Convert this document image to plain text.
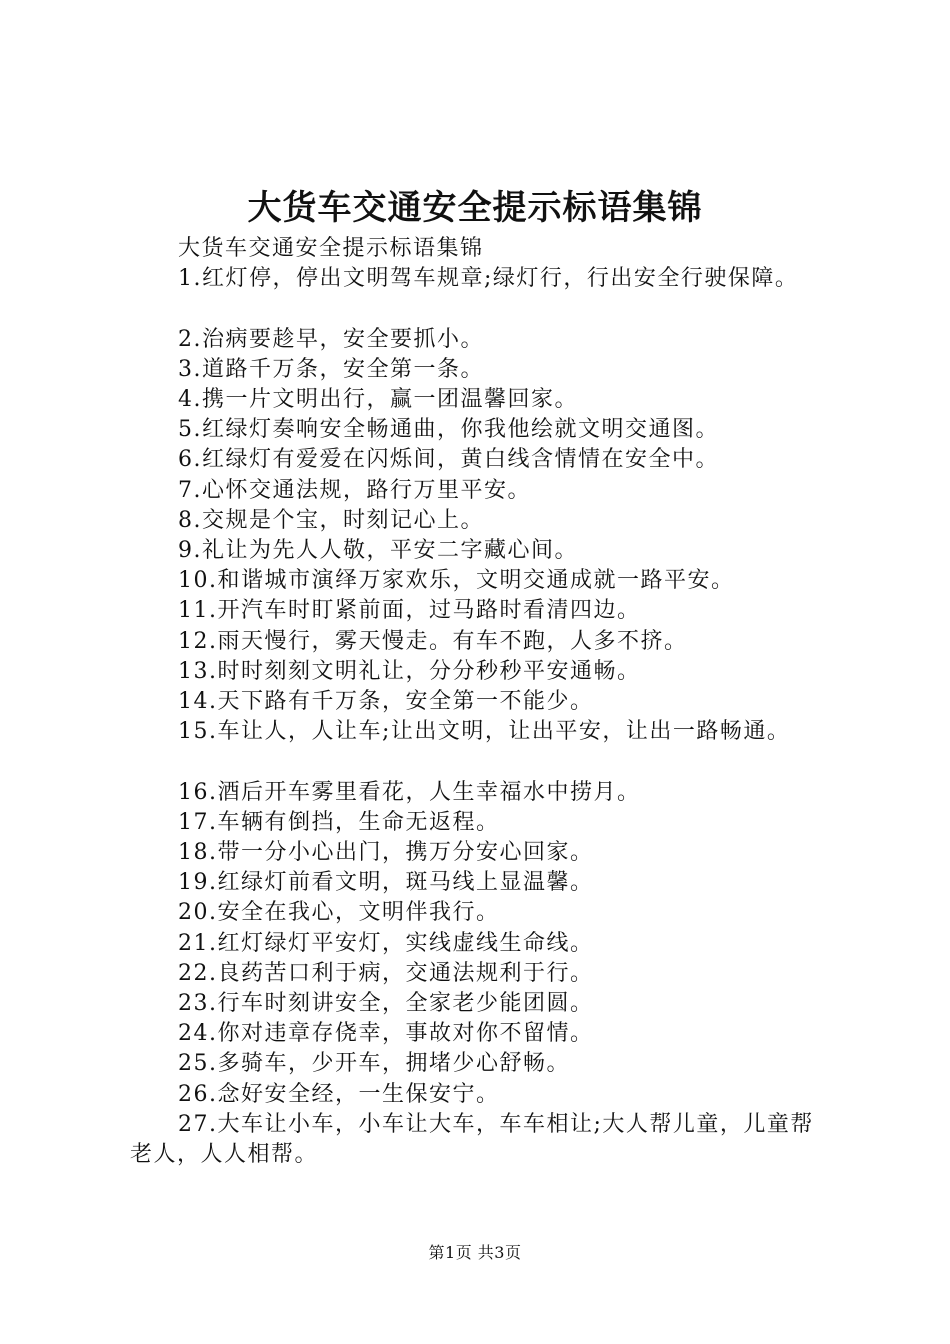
大货车交通安全提示标语集锦
大货车交通安全提示标语集锦
1.红灯停，停出文明驾车规章;绿灯行，行出安全行驶保障。
2.治病要趁早，安全要抓小。
3.道路千万条，安全第一条。
4.携一片文明出行，赢一团温馨回家。
5.红绿灯奏响安全畅通曲，你我他绘就文明交通图。
6.红绿灯有爱爱在闪烁间，黄白线含情情在安全中。
7.心怀交通法规，路行万里平安。
8.交规是个宝，时刻记心上。
9.礼让为先人人敬，平安二字藏心间。
10.和谐城市演绎万家欢乐，文明交通成就一路平安。
11.开汽车时盯紧前面，过马路时看清四边。
12.雨天慢行，雾天慢走。有车不跑，人多不挤。
13.时时刻刻文明礼让，分分秒秒平安通畅。
14.天下路有千万条，安全第一不能少。
15.车让人，人让车;让出文明，让出平安，让出一路畅通。
16.酒后开车雾里看花，人生幸福水中捞月。
17.车辆有倒挡，生命无返程。
18.带一分小心出门，携万分安心回家。
19.红绿灯前看文明，斑马线上显温馨。
20.安全在我心，文明伴我行。
21.红灯绿灯平安灯，实线虚线生命线。
22.良药苦口利于病，交通法规利于行。
23.行车时刻讲安全，全家老少能团圆。
24.你对违章存侥幸，事故对你不留情。
25.多骑车，少开车，拥堵少心舒畅。
26.念好安全经，一生保安宁。

27.大车让小车，小车让大车，车车相让;大人帮儿童，儿童帮老人，人人相帮。

第1页 共3页
